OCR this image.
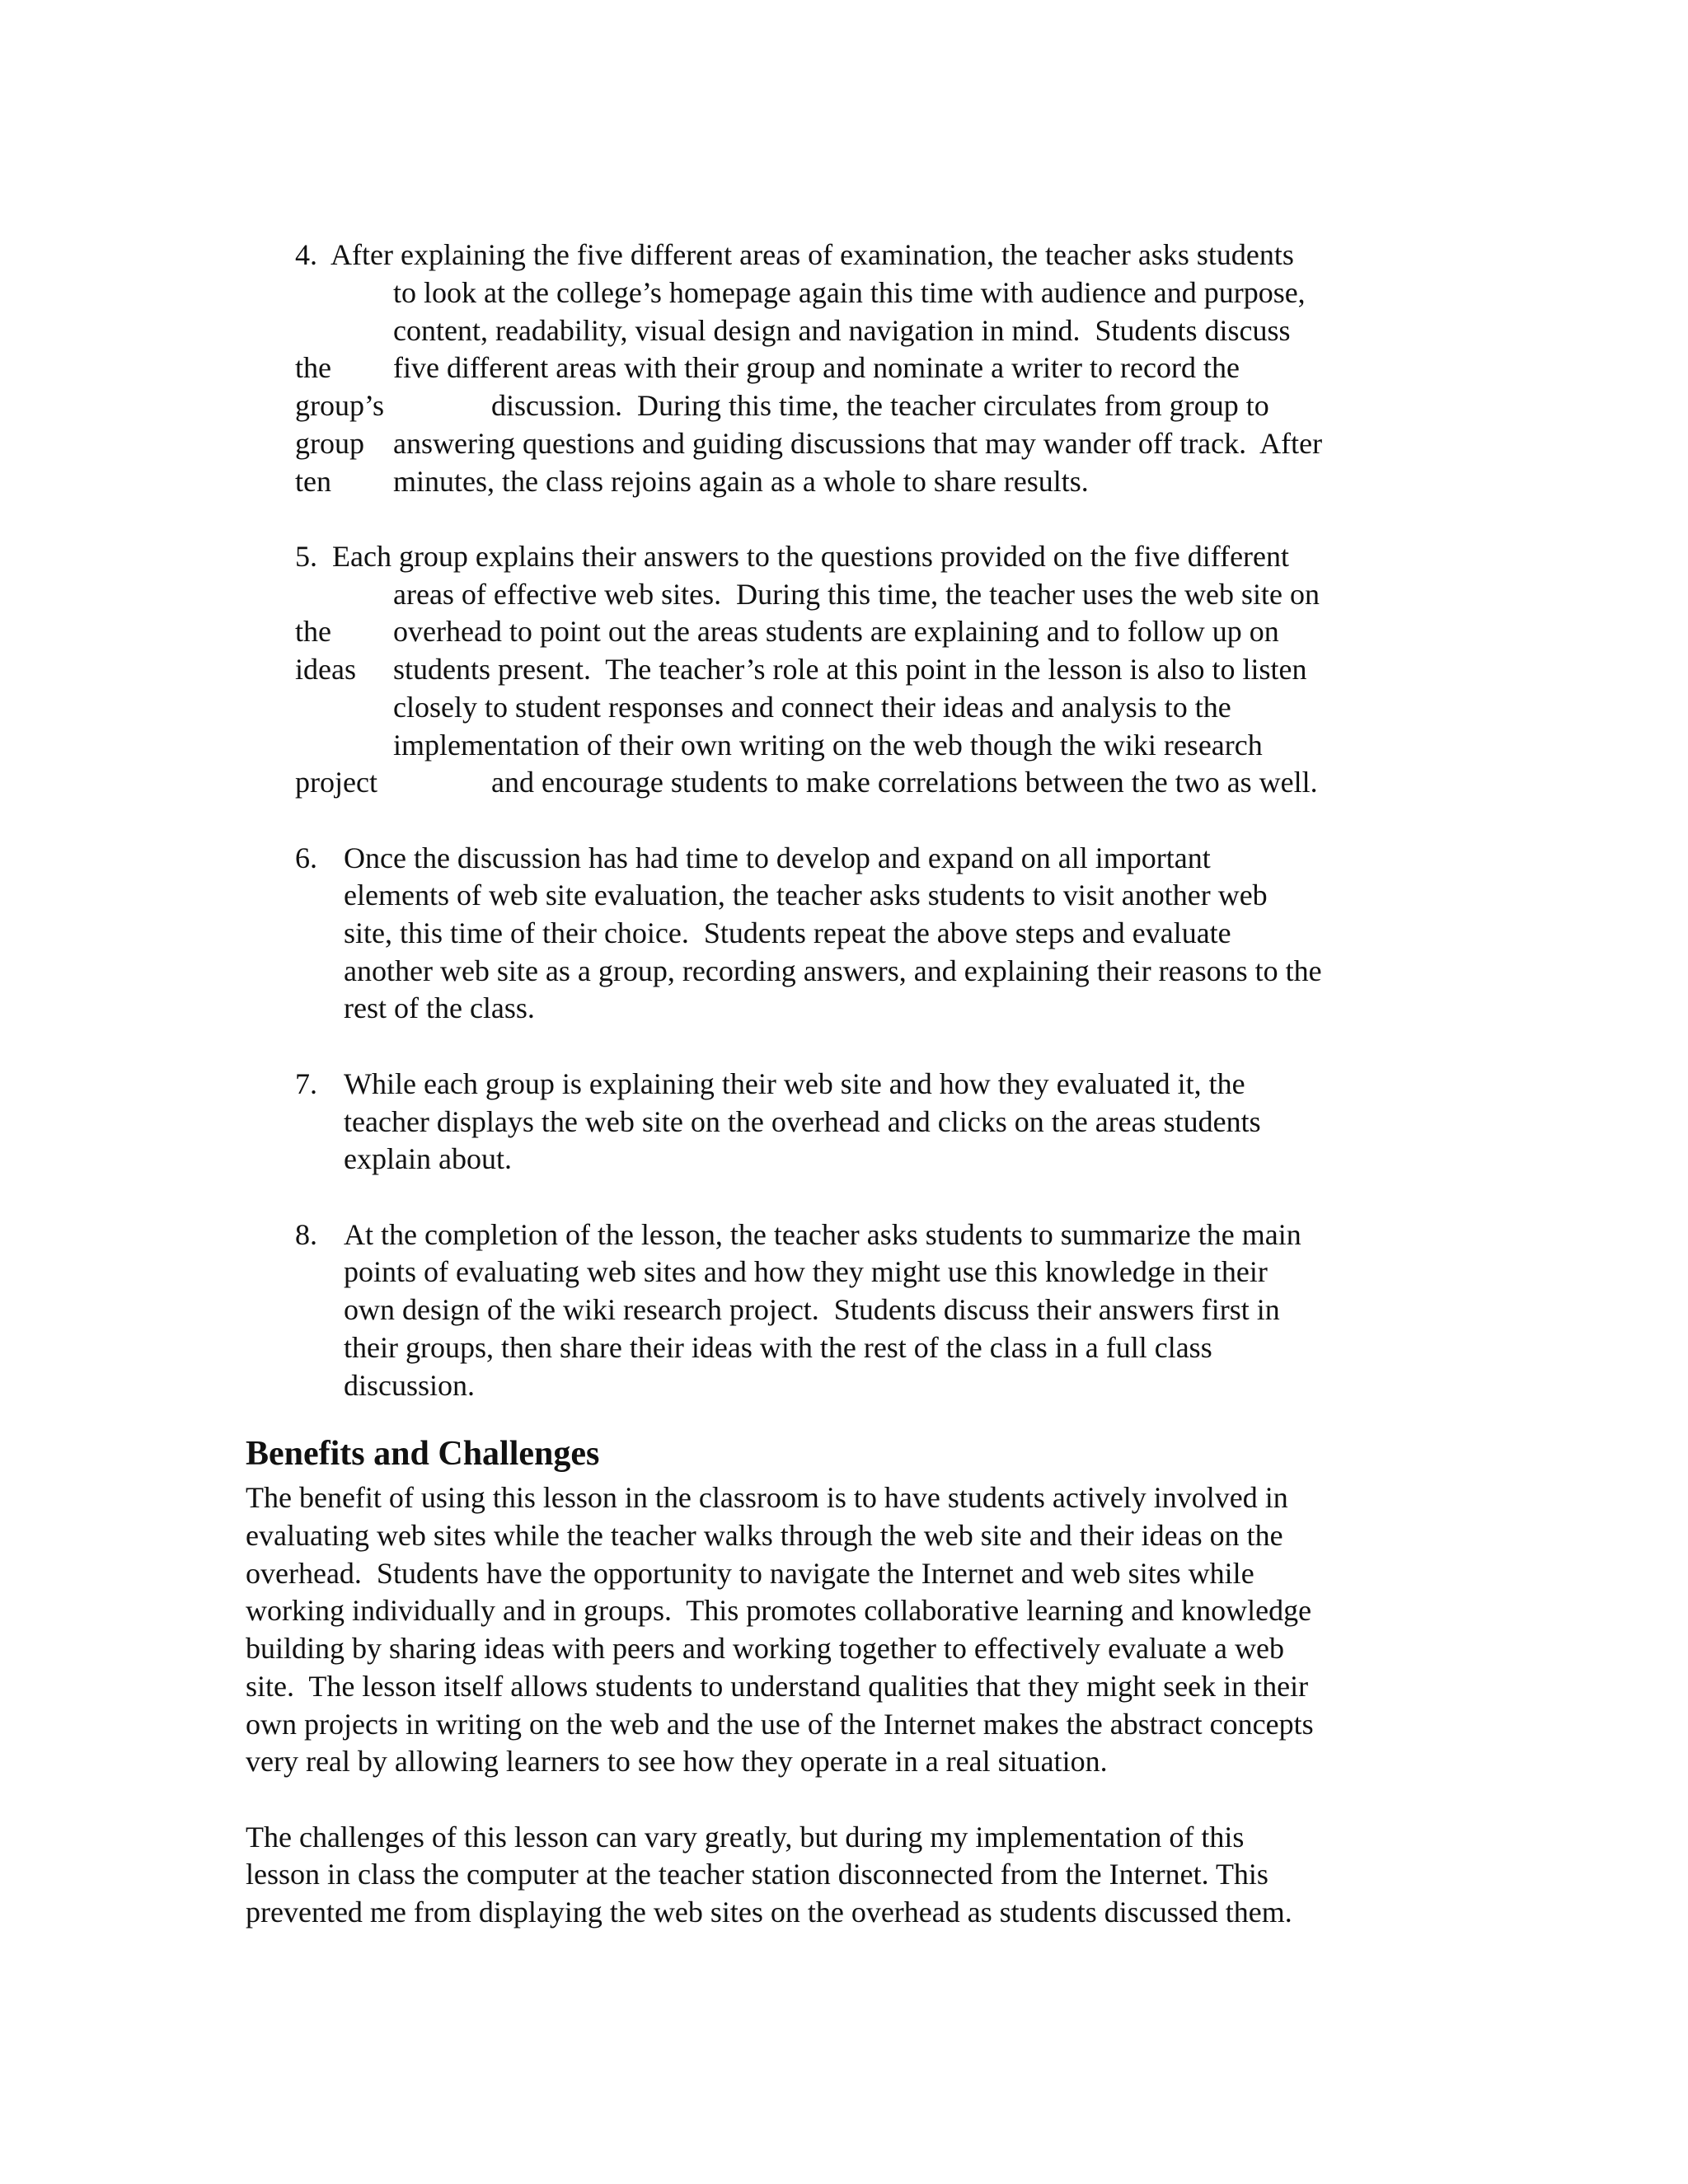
4.  After explaining the five different areas of examination, the teacher asks students
to look at the college’s homepage again this time with audience and purpose,
content, readability, visual design and navigation in mind.  Students discuss
the five different areas with their group and nominate a writer to record the
group’s	discussion.  During this time, the teacher circulates from group to
group answering questions and guiding discussions that may wander off track.  After
ten minutes, the class rejoins again as a whole to share results.
5.  Each group explains their answers to the questions provided on the five different
areas of effective web sites.  During this time, the teacher uses the web site on
the overhead to point out the areas students are explaining and to follow up on
ideas students present.  The teacher’s role at this point in the lesson is also to listen
closely to student responses and connect their ideas and analysis to the
implementation of their own writing on the web though the wiki research
project	and encourage students to make correlations between the two as well.
6. Once the discussion has had time to develop and expand on all important
elements of web site evaluation, the teacher asks students to visit another web
site, this time of their choice.  Students repeat the above steps and evaluate
another web site as a group, recording answers, and explaining their reasons to the
rest of the class.
7. While each group is explaining their web site and how they evaluated it, the
teacher displays the web site on the overhead and clicks on the areas students
explain about.
8. At the completion of the lesson, the teacher asks students to summarize the main
points of evaluating web sites and how they might use this knowledge in their
own design of the wiki research project.  Students discuss their answers first in
their groups, then share their ideas with the rest of the class in a full class
discussion.
Benefits and Challenges
The benefit of using this lesson in the classroom is to have students actively involved in
evaluating web sites while the teacher walks through the web site and their ideas on the
overhead.  Students have the opportunity to navigate the Internet and web sites while
working individually and in groups.  This promotes collaborative learning and knowledge
building by sharing ideas with peers and working together to effectively evaluate a web
site.  The lesson itself allows students to understand qualities that they might seek in their
own projects in writing on the web and the use of the Internet makes the abstract concepts
very real by allowing learners to see how they operate in a real situation.
The challenges of this lesson can vary greatly, but during my implementation of this
lesson in class the computer at the teacher station disconnected from the Internet. This
prevented me from displaying the web sites on the overhead as students discussed them.
